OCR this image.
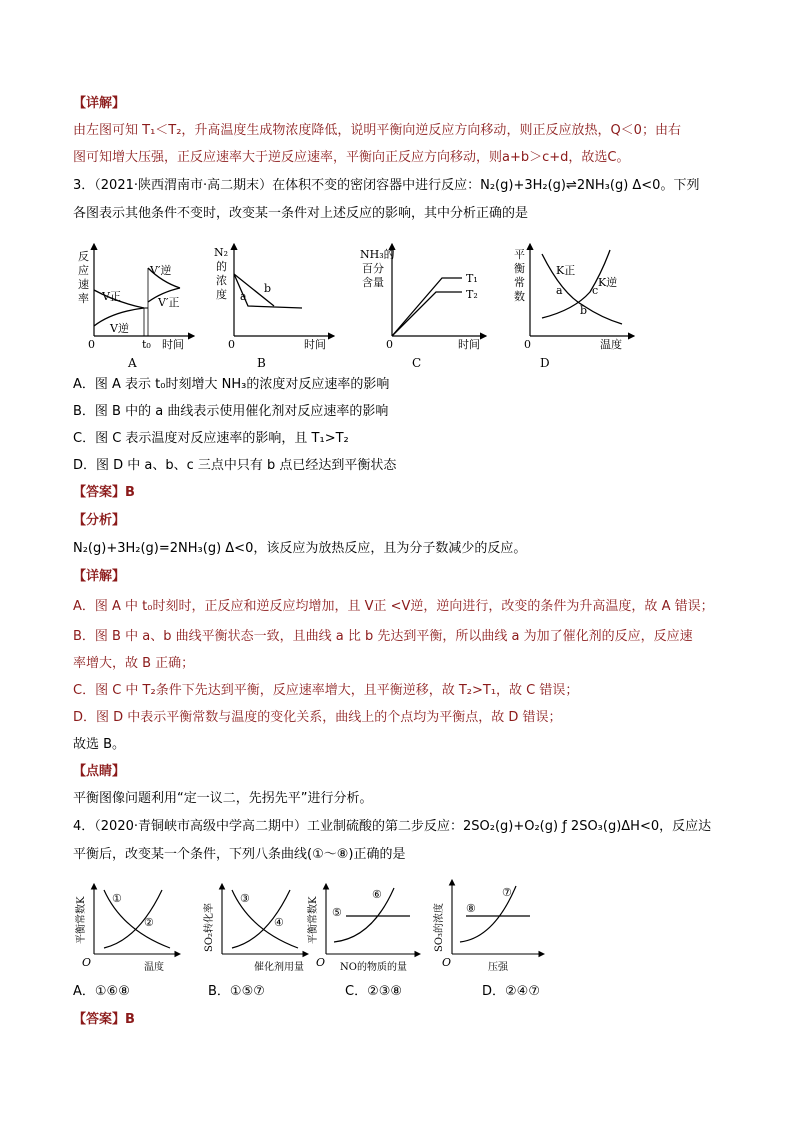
【详解】
由左图可知 T₁＜T₂，升高温度生成物浓度降低，说明平衡向逆反应方向移动，则正反应放热，Q＜0；由右
图可知增大压强，正反应速率大于逆反应速率，平衡向正反应方向移动，则a+b＞c+d，故选C。
3．（2021·陕西渭南市·高二期末）在体积不变的密闭容器中进行反应：N₂(g)+3H₂(g)⇌2NH₃(g) Δ<0。下列
各图表示其他条件不变时，改变某一条件对上述反应的影响，其中分析正确的是
反
应
速
率 V正
V逆
V′逆
V′正
0	t₀ 时间
A
N₂
的
浓
度 a
b
0	时间
B
NH₃的
百分
含量	T₁
T₂
0	时间
C
平
衡
常
数
K正
K逆
a
b
c
0	温度
D
A．图 A 表示 t₀时刻增大 NH₃的浓度对反应速率的影响
B．图 B 中的 a 曲线表示使用催化剂对反应速率的影响
C．图 C 表示温度对反应速率的影响，且 T₁>T₂
D．图 D 中 a、b、c 三点中只有 b 点已经达到平衡状态
【答案】B
【分析】
N₂(g)+3H₂(g)=2NH₃(g) Δ<0，该反应为放热反应，且为分子数减少的反应。
【详解】
A．图 A 中 t₀时刻时，正反应和逆反应均增加，且 V正 <V逆，逆向进行，改变的条件为升高温度，故 A 错误；
B．图 B 中 a、b 曲线平衡状态一致，且曲线 a 比 b 先达到平衡，所以曲线 a 为加了催化剂的反应，反应速
率增大，故 B 正确；
C．图 C 中 T₂条件下先达到平衡，反应速率增大，且平衡逆移，故 T₂>T₁，故 C 错误；
D．图 D 中表示平衡常数与温度的变化关系，曲线上的个点均为平衡点，故 D 错误；
故选 B。
【点睛】
平衡图像问题利用“定一议二，先拐先平”进行分析。
4．（2020·青铜峡市高级中学高二期中）工业制硫酸的第二步反应：2SO₂(g)+O₂(g) ƒ 2SO₃(g)ΔH<0，反应达
平衡后，改变某一个条件，下列八条曲线(①～⑧)正确的是
平衡常数K ①
②
O	温度
SO₂转化率
③
④
催化剂用量
平衡常数K ⑤
⑥
O NO的物质的量
SO₃的浓度 ⑧
⑦
O	压强
A．①⑥⑧	B．①⑤⑦	C．②③⑧	D．②④⑦
【答案】B
